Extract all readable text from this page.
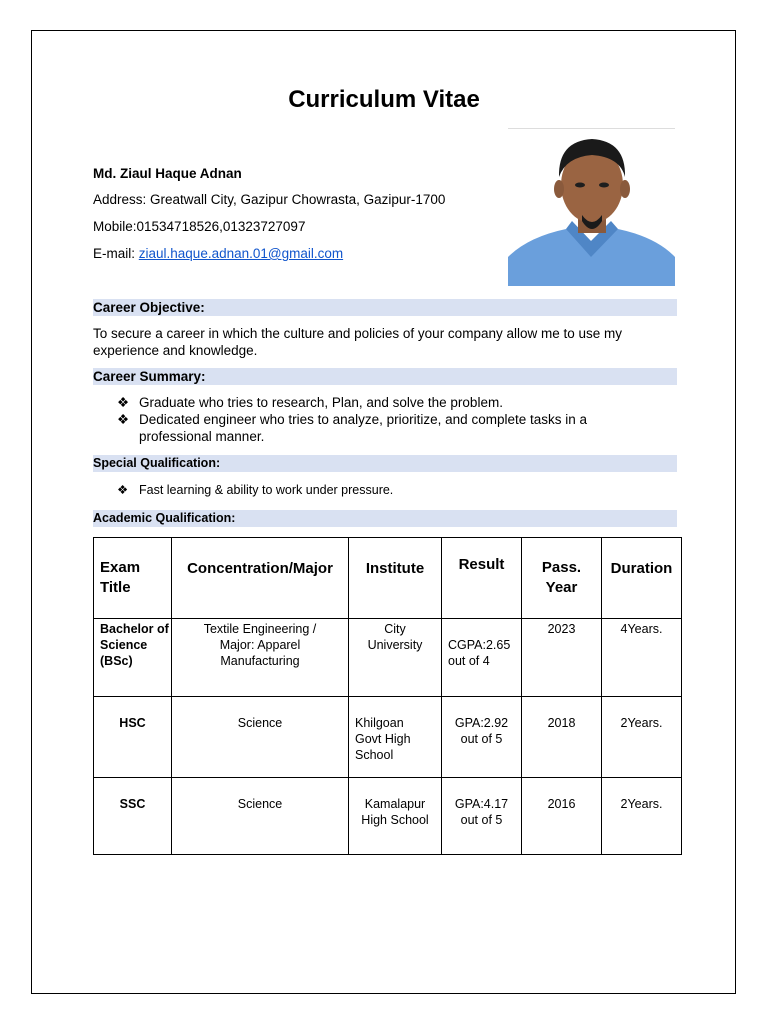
Curriculum Vitae
Md. Ziaul Haque Adnan
Address: Greatwall City, Gazipur Chowrasta, Gazipur-1700
Mobile:01534718526,01323727097
E-mail: ziaul.haque.adnan.01@gmail.com
Career Objective:
To secure a career in which the culture and policies of your company allow me to use my experience and knowledge.
Career Summary:
❖ Graduate who tries to research, Plan, and solve the problem.
❖ Dedicated engineer who tries to analyze, prioritize, and complete tasks in a professional manner.
Special Qualification:
❖ Fast learning & ability to work under pressure.
Academic Qualification:
Exam Title	Concentration/Major	Institute	Result	Pass. Year	Duration

Bachelor of Science (BSc)	Textile Engineering / Major: Apparel Manufacturing	City University	CGPA:2.65 out of 4	2023	4Years.
HSC	Science	Khilgoan Govt High School	GPA:2.92 out of 5	2018	2Years.
SSC	Science	Kamalapur High School	GPA:4.17 out of 5	2016	2Years.
